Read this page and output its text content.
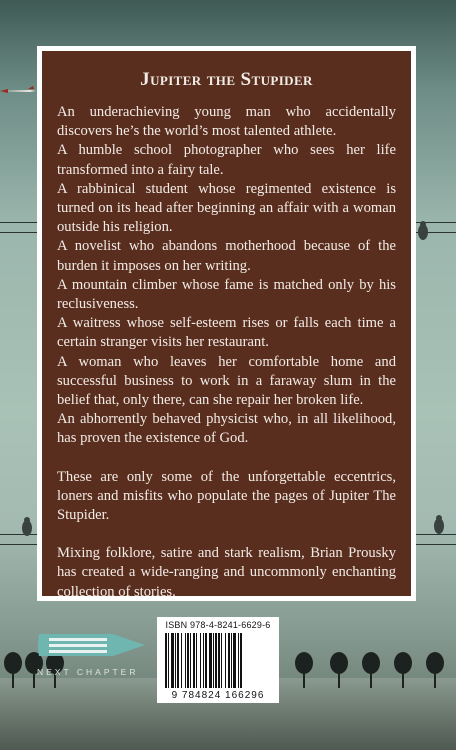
Jupiter the Stupider

An underachieving young man who accidentally discovers he’s the world’s most talented athlete.

A humble school photographer who sees her life transformed into a fairy tale.

A rabbinical student whose regimented existence is turned on its head after beginning an affair with a woman outside his religion.

A novelist who abandons motherhood because of the burden it imposes on her writing.

A mountain climber whose fame is matched only by his reclusiveness.

A waitress whose self-esteem rises or falls each time a certain stranger visits her restaurant.

A woman who leaves her comfortable home and successful business to work in a faraway slum in the belief that, only there, can she repair her broken life.

An abhorrently behaved physicist who, in all likelihood, has proven the existence of God.

These are only some of the unforgettable eccentrics, loners and misfits who populate the pages of Jupiter The Stupider.

Mixing folklore, satire and stark realism, Brian Prousky has created a wide-ranging and uncommonly enchanting collection of stories.

NEXT CHAPTER
ISBN 978-4-8241-6629-6
9 784824 166296
